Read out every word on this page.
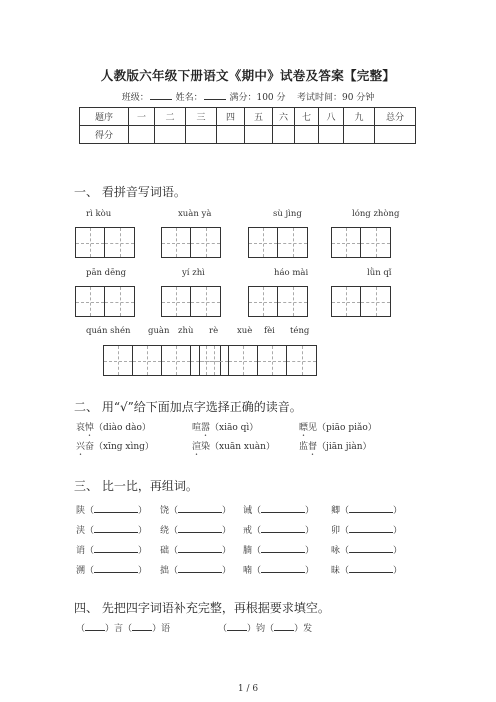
人教版六年级下册语文《期中》试卷及答案【完整】
班级：	姓名：	满分：100 分 考试时间：90 分钟
题序	一	二	三	四	五	六	七	八	九	总分
得分										
一、 看拼音写词语。
rì kòu	xuàn yà	sù jìng	lóng zhòng
pān dēng	yí zhì	háo mài	lǜn qǐ
quán shén guàn zhù rè xuè fèi téng
二、 用“√”给下面加点字选择正确的读音。
哀悼（diào dào）	喧嚣（xiāo qì）	瞟见（piāo piǎo）
兴奋（xīng xìng）	渲染（xuān xuàn）	监督（jiān jiàn）
三、 比一比，再组词。
陕（	） 饶（	） 诫（	） 卿（	）
浃（	） 绕（	） 戒（	） 卯（	）
诮（	） 础（	） 腩（	） 咏（	）
溯（	） 拙（	） 喃（	） 昧（	）
四、 先把四字词语补充完整，再根据要求填空。
（ ）言（ ）语	（ ）钧（ ）发
1 / 6
